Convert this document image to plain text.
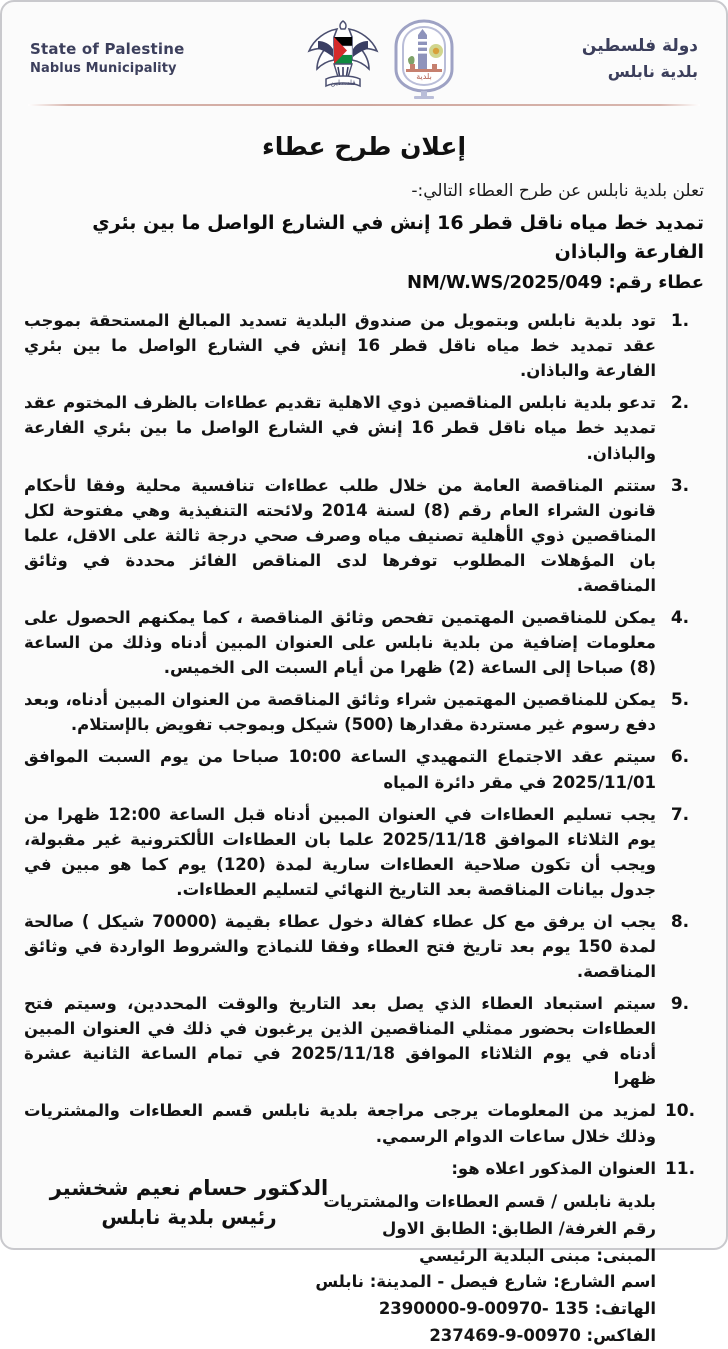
دولة فلسطين
بلدية نابلس
بلدية
فلسطين
State of Palestine
Nablus Municipality
إعلان طرح عطاء
تعلن بلدية نابلس عن طرح العطاء التالي:-
تمديد خط مياه ناقل قطر 16 إنش في الشارع الواصل ما بين بئري الفارعة والباذان
عطاء رقم: NM/W.WS/2025/049
1.
تود بلدية نابلس وبتمويل من صندوق البلدية تسديد المبالغ المستحقة بموجب عقد تمديد خط مياه ناقل قطر 16 إنش في الشارع الواصل ما بين بئري الفارعة والباذان.
2.
تدعو بلدية نابلس المناقصين ذوي الاهلية تقديم عطاءات بالظرف المختوم عقد تمديد خط مياه ناقل قطر 16 إنش في الشارع الواصل ما بين بئري الفارعة والباذان.
3.
ستتم المناقصة العامة من خلال طلب عطاءات تنافسية محلية وفقا لأحكام قانون الشراء العام رقم (8) لسنة 2014 ولائحته التنفيذية وهي مفتوحة لكل المناقصين ذوي الأهلية تصنيف مياه وصرف صحي درجة ثالثة على الاقل، علما بان المؤهلات المطلوب توفرها لدى المناقص الفائز محددة في وثائق المناقصة.
4.
يمكن للمناقصين المهتمين تفحص وثائق المناقصة ، كما يمكنهم الحصول على معلومات إضافية من بلدية نابلس على العنوان المبين أدناه وذلك من الساعة (8) صباحا إلى الساعة (2) ظهرا من أيام السبت الى الخميس.
5.
يمكن للمناقصين المهتمين شراء وثائق المناقصة من العنوان المبين أدناه، وبعد دفع رسوم غير مستردة مقدارها (500) شيكل وبموجب تفويض بالإستلام.
6.
سيتم عقد الاجتماع التمهيدي الساعة 10:00 صباحا من يوم السبت الموافق 2025/11/01 في مقر دائرة المياه
7.
يجب تسليم العطاءات في العنوان المبين أدناه قبل الساعة 12:00 ظهرا من يوم الثلاثاء الموافق 2025/11/18 علما بان العطاءات الألكترونية غير مقبولة، ويجب أن تكون صلاحية العطاءات سارية لمدة (120) يوم كما هو مبين في جدول بيانات المناقصة بعد التاريخ النهائي لتسليم العطاءات.
8.
يجب ان يرفق مع كل عطاء كفالة دخول عطاء بقيمة (70000 شيكل ) صالحة لمدة 150 يوم بعد تاريخ فتح العطاء وفقا للنماذج والشروط الواردة في وثائق المناقصة.
9.
سيتم استبعاد العطاء الذي يصل بعد التاريخ والوقت المحددين، وسيتم فتح العطاءات بحضور ممثلي المناقصين الذين يرغبون في ذلك في العنوان المبين أدناه في يوم الثلاثاء الموافق 2025/11/18 في تمام الساعة الثانية عشرة ظهرا
10.
لمزيد من المعلومات يرجى مراجعة بلدية نابلس قسم العطاءات والمشتريات وذلك خلال ساعات الدوام الرسمي.
11.
العنوان المذكور اعلاه هو:
بلدية نابلس / قسم العطاءات والمشتريات
رقم الغرفة/ الطابق: الطابق الاول
المبنى: مبنى البلدية الرئيسي
اسم الشارع: شارع فيصل - المدينة: نابلس
الهاتف: 135 -00970-9-2390000
الفاكس: 00970-9-237469
الدكتور حسام نعيم شخشير
رئيس بلدية نابلس
